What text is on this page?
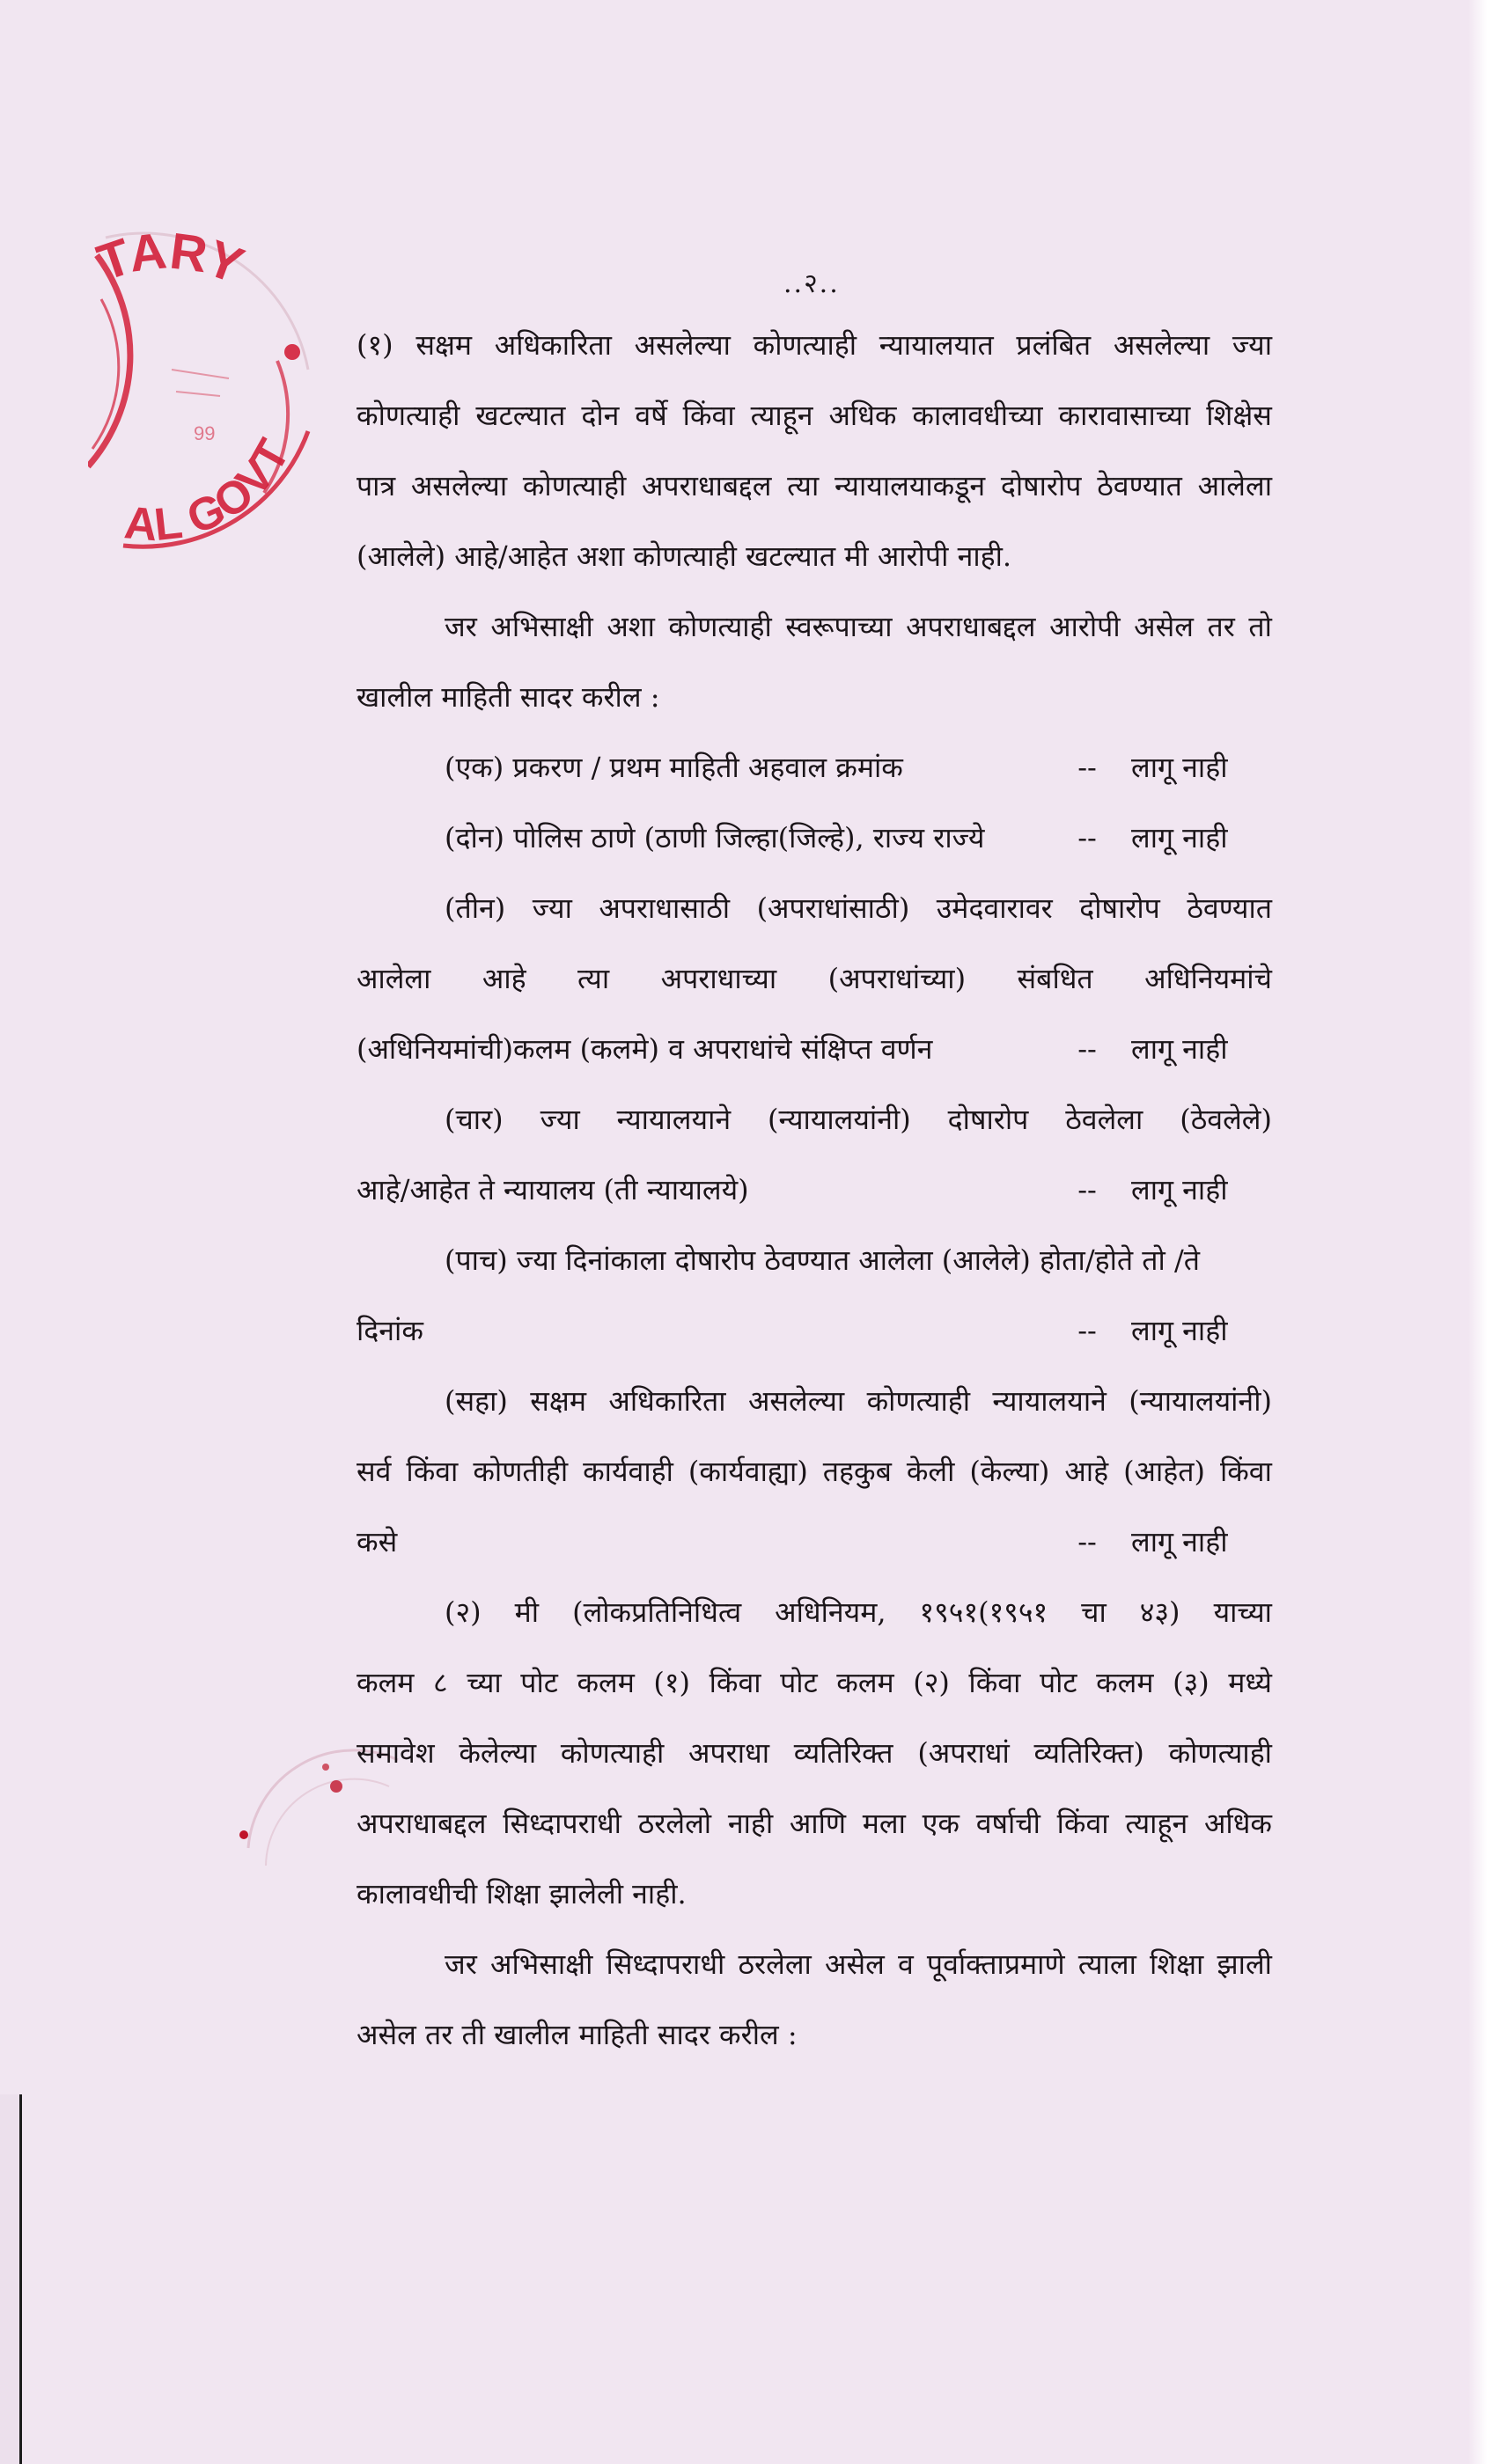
TARY
AL GOVT
99
..२..
(१) सक्षम अधिकारिता असलेल्या कोणत्याही न्यायालयात प्रलंबित असलेल्या ज्या
कोणत्याही खटल्यात दोन वर्षे किंवा त्याहून अधिक कालावधीच्या कारावासाच्या शिक्षेस
पात्र असलेल्या कोणत्याही अपराधाबद्दल त्या न्यायालयाकडून दोषारोप ठेवण्यात आलेला
(आलेले) आहे/आहेत अशा कोणत्याही खटल्यात मी आरोपी नाही.
जर अभिसाक्षी अशा कोणत्याही स्वरूपाच्या अपराधाबद्दल आरोपी असेल तर तो
खालील माहिती सादर करील :
(एक) प्रकरण / प्रथम माहिती अहवाल क्रमांक	--	लागू नाही
(दोन) पोलिस ठाणे (ठाणी जिल्हा(जिल्हे), राज्य राज्ये	--	लागू नाही
(तीन) ज्या अपराधासाठी (अपराधांसाठी) उमेदवारावर दोषारोप ठेवण्यात
आलेला आहे त्या अपराधाच्या (अपराधांच्या) संबधित अधिनियमांचे
(अधिनियमांची)कलम (कलमे) व अपराधांचे संक्षिप्त वर्णन	--	लागू नाही
(चार) ज्या न्यायालयाने (न्यायालयांनी) दोषारोप ठेवलेला (ठेवलेले)
आहे/आहेत ते न्यायालय (ती न्यायालये)	--	लागू नाही
(पाच) ज्या दिनांकाला दोषारोप ठेवण्यात आलेला (आलेले) होता/होते तो /ते
दिनांक	--	लागू नाही
(सहा) सक्षम अधिकारिता असलेल्या कोणत्याही न्यायालयाने (न्यायालयांनी)
सर्व किंवा कोणतीही कार्यवाही (कार्यवाह्या) तहकुब केली (केल्या) आहे (आहेत) किंवा
कसे	--	लागू नाही
(२) मी (लोकप्रतिनिधित्व अधिनियम, १९५१(१९५१ चा ४३) याच्या
कलम ८ च्या पोट कलम (१) किंवा पोट कलम (२) किंवा पोट कलम (३) मध्ये
समावेश केलेल्या कोणत्याही अपराधा व्यतिरिक्त (अपराधां व्यतिरिक्त) कोणत्याही
अपराधाबद्दल सिध्दापराधी ठरलेलो नाही आणि मला एक वर्षाची किंवा त्याहून अधिक
कालावधीची शिक्षा झालेली नाही.
जर अभिसाक्षी सिध्दापराधी ठरलेला असेल व पूर्वाक्ताप्रमाणे त्याला शिक्षा झाली
असेल तर ती खालील माहिती सादर करील :
